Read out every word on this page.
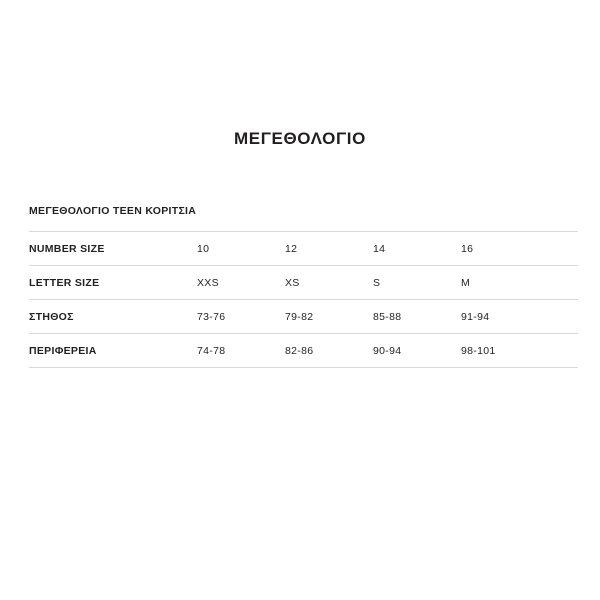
ΜΕΓΕΘΟΛΟΓΙΟ
ΜΕΓΕΘΟΛΟΓΙΟ TEEN ΚΟΡΙΤΣΙΑ
NUMBER SIZE	10	12	14	16
LETTER SIZE	XXS	XS	S	M
ΣΤΗΘΟΣ	73-76	79-82	85-88	91-94
ΠΕΡΙΦΕΡΕΙΑ	74-78	82-86	90-94	98-101
